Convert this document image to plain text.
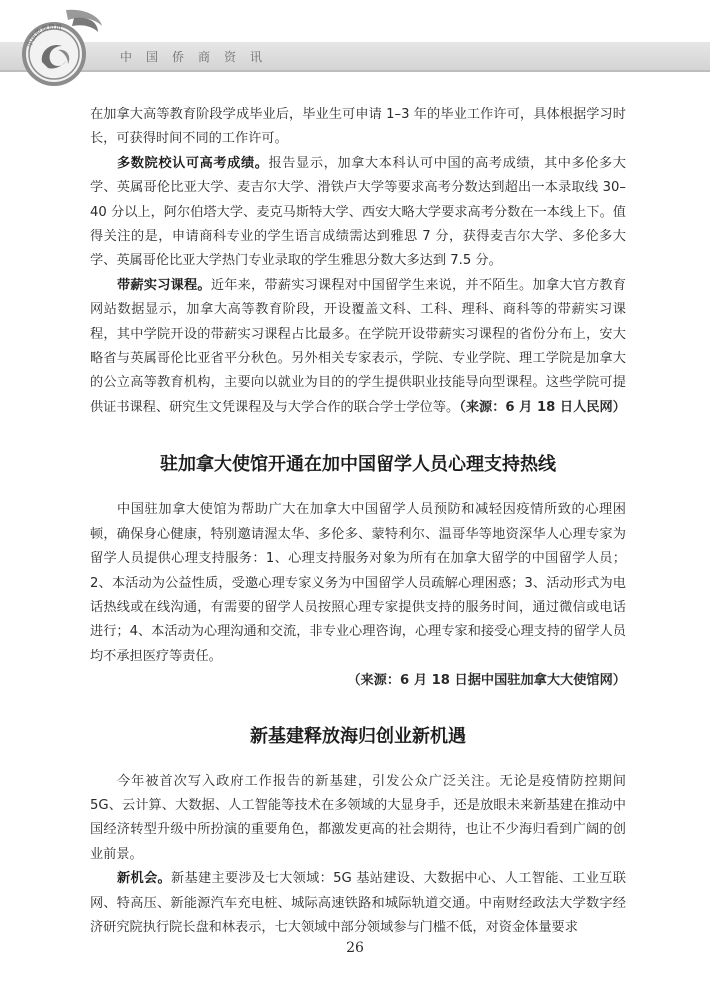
中国侨商资讯
中国侨商资讯

在加拿大高等教育阶段学成毕业后，毕业生可申请 1–3 年的毕业工作许可，具体根据学习时长，可获得时间不同的工作许可。

多数院校认可高考成绩。报告显示，加拿大本科认可中国的高考成绩，其中多伦多大学、英属哥伦比亚大学、麦吉尔大学、滑铁卢大学等要求高考分数达到超出一本录取线 30–40 分以上，阿尔伯塔大学、麦克马斯特大学、西安大略大学要求高考分数在一本线上下。值得关注的是，申请商科专业的学生语言成绩需达到雅思 7 分，获得麦吉尔大学、多伦多大学、英属哥伦比亚大学热门专业录取的学生雅思分数大多达到 7.5 分。

带薪实习课程。近年来，带薪实习课程对中国留学生来说，并不陌生。加拿大官方教育网站数据显示，加拿大高等教育阶段，开设覆盖文科、工科、理科、商科等的带薪实习课程，其中学院开设的带薪实习课程占比最多。在学院开设带薪实习课程的省份分布上，安大略省与英属哥伦比亚省平分秋色。另外相关专家表示，学院、专业学院、理工学院是加拿大的公立高等教育机构，主要向以就业为目的的学生提供职业技能导向型课程。这些学院可提供证书课程、研究生文凭课程及与大学合作的联合学士学位等。（来源：6 月 18 日人民网）

驻加拿大使馆开通在加中国留学人员心理支持热线

中国驻加拿大使馆为帮助广大在加拿大中国留学人员预防和减轻因疫情所致的心理困顿，确保身心健康，特别邀请渥太华、多伦多、蒙特利尔、温哥华等地资深华人心理专家为留学人员提供心理支持服务：1、心理支持服务对象为所有在加拿大留学的中国留学人员；2、本活动为公益性质，受邀心理专家义务为中国留学人员疏解心理困惑；3、活动形式为电话热线或在线沟通，有需要的留学人员按照心理专家提供支持的服务时间，通过微信或电话进行；4、本活动为心理沟通和交流，非专业心理咨询，心理专家和接受心理支持的留学人员均不承担医疗等责任。

（来源：6 月 18 日据中国驻加拿大大使馆网）

新基建释放海归创业新机遇

今年被首次写入政府工作报告的新基建，引发公众广泛关注。无论是疫情防控期间 5G、云计算、大数据、人工智能等技术在多领域的大显身手，还是放眼未来新基建在推动中国经济转型升级中所扮演的重要角色，都激发更高的社会期待，也让不少海归看到广阔的创业前景。

新机会。新基建主要涉及七大领域：5G 基站建设、大数据中心、人工智能、工业互联网、特高压、新能源汽车充电桩、城际高速铁路和城际轨道交通。中南财经政法大学数字经济研究院执行院长盘和林表示，七大领域中部分领域参与门槛不低，对资金体量要求

26
